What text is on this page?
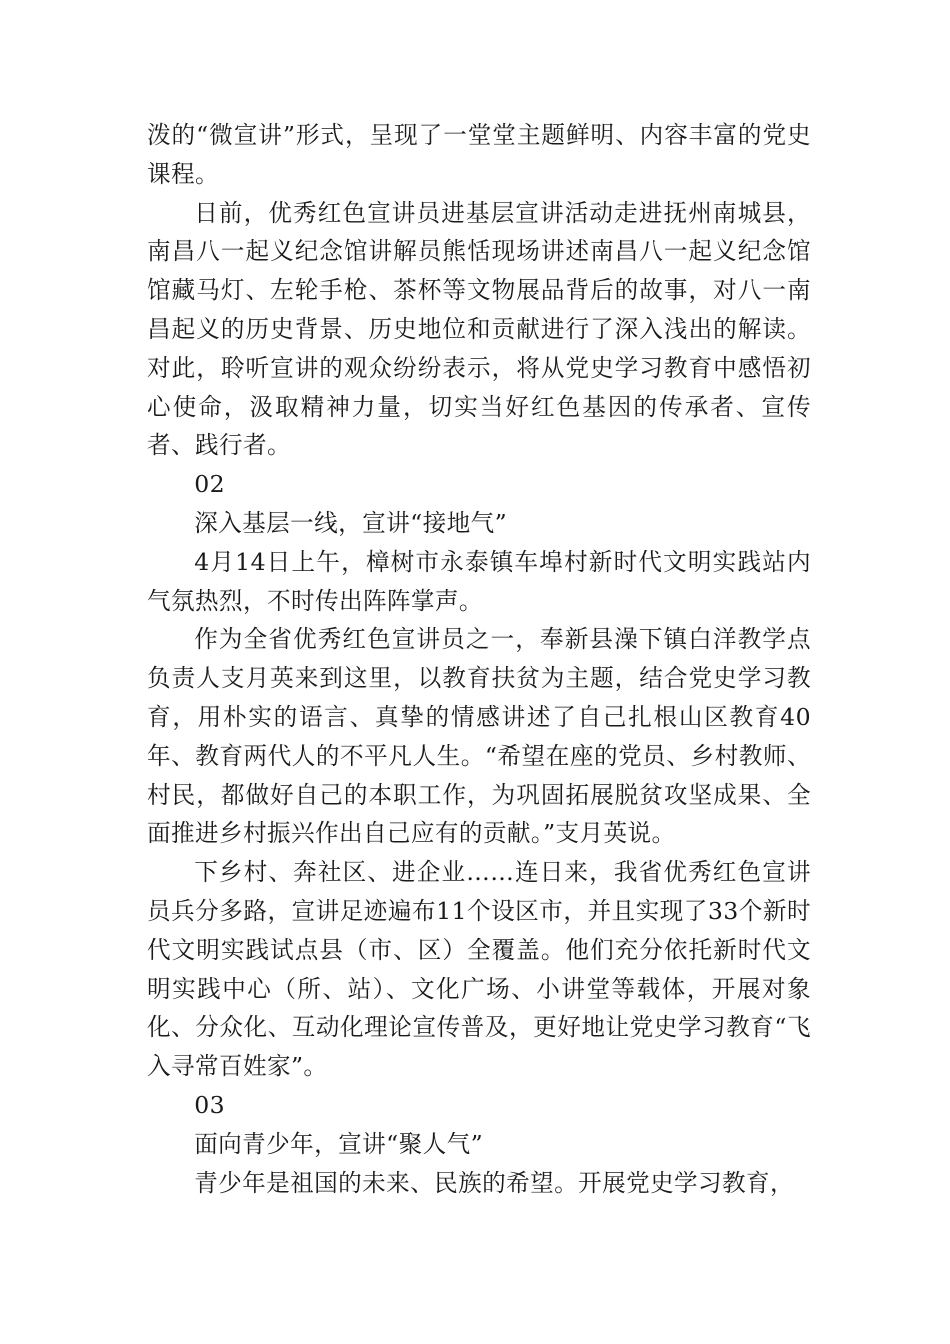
泼的“微宣讲”形式，呈现了一堂堂主题鲜明、内容丰富的党史课程。

日前，优秀红色宣讲员进基层宣讲活动走进抚州南城县，南昌八一起义纪念馆讲解员熊恬现场讲述南昌八一起义纪念馆馆藏马灯、左轮手枪、茶杯等文物展品背后的故事，对八一南昌起义的历史背景、历史地位和贡献进行了深入浅出的解读。对此，聆听宣讲的观众纷纷表示，将从党史学习教育中感悟初心使命，汲取精神力量，切实当好红色基因的传承者、宣传者、践行者。

02

深入基层一线，宣讲“接地气”

4月14日上午，樟树市永泰镇车埠村新时代文明实践站内气氛热烈，不时传出阵阵掌声。

作为全省优秀红色宣讲员之一，奉新县澡下镇白洋教学点负责人支月英来到这里，以教育扶贫为主题，结合党史学习教育，用朴实的语言、真挚的情感讲述了自己扎根山区教育40年、教育两代人的不平凡人生。“希望在座的党员、乡村教师、村民，都做好自己的本职工作，为巩固拓展脱贫攻坚成果、全面推进乡村振兴作出自己应有的贡献。”支月英说。

下乡村、奔社区、进企业……连日来，我省优秀红色宣讲员兵分多路，宣讲足迹遍布11个设区市，并且实现了33个新时代文明实践试点县（市、区）全覆盖。他们充分依托新时代文明实践中心（所、站）、文化广场、小讲堂等载体，开展对象化、分众化、互动化理论宣传普及，更好地让党史学习教育“飞入寻常百姓家”。

03

面向青少年，宣讲“聚人气”

青少年是祖国的未来、民族的希望。开展党史学习教育，
